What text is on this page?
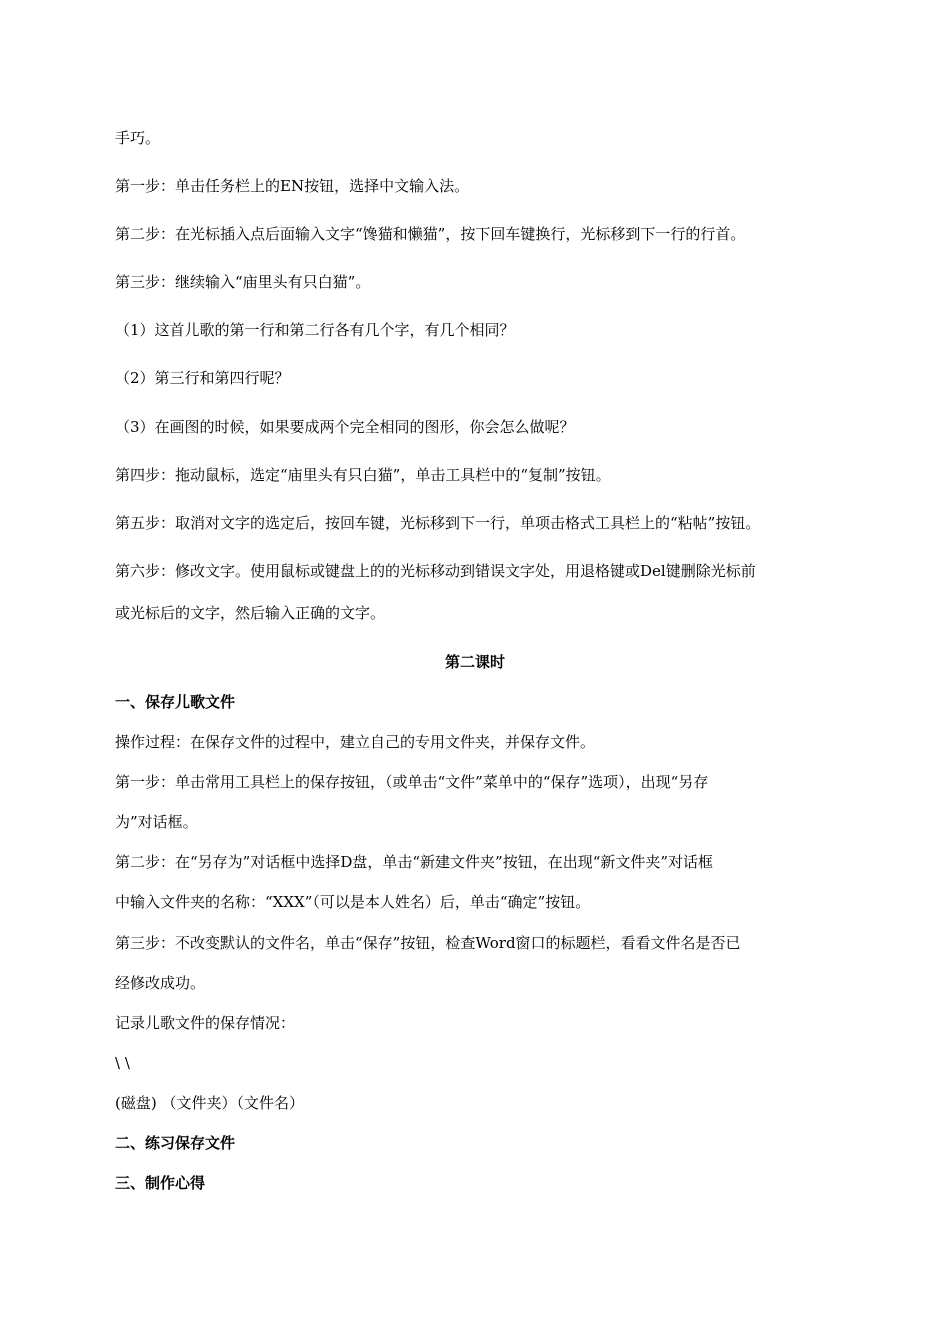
手巧。
第一步：单击任务栏上的EN按钮，选择中文输入法。
第二步：在光标插入点后面输入文字“馋猫和懒猫”，按下回车键换行，光标移到下一行的行首。
第三步：继续输入“庙里头有只白猫”。
（1）这首儿歌的第一行和第二行各有几个字，有几个相同？
（2）第三行和第四行呢？
（3）在画图的时候，如果要成两个完全相同的图形，你会怎么做呢？
第四步：拖动鼠标，选定“庙里头有只白猫”，单击工具栏中的“复制”按钮。
第五步：取消对文字的选定后，按回车键，光标移到下一行，单项击格式工具栏上的“粘帖”按钮。
第六步：修改文字。使用鼠标或键盘上的的光标移动到错误文字处，用退格键或Del键删除光标前
或光标后的文字，然后输入正确的文字。
第二课时
一、保存儿歌文件
操作过程：在保存文件的过程中，建立自己的专用文件夹，并保存文件。
第一步：单击常用工具栏上的保存按钮，（或单击“文件”菜单中的“保存”选项），出现“另存
为”对话框。
第二步：在“另存为”对话框中选择D盘，单击“新建文件夹”按钮，在出现“新文件夹”对话框
中输入文件夹的名称：“XXX”（可以是本人姓名）后，单击“确定”按钮。
第三步：不改变默认的文件名，单击“保存”按钮，检查Word窗口的标题栏，看看文件名是否已
经修改成功。
记录儿歌文件的保存情况：
\ \
(磁盘) （文件夹）（文件名）
二、练习保存文件
三、制作心得
